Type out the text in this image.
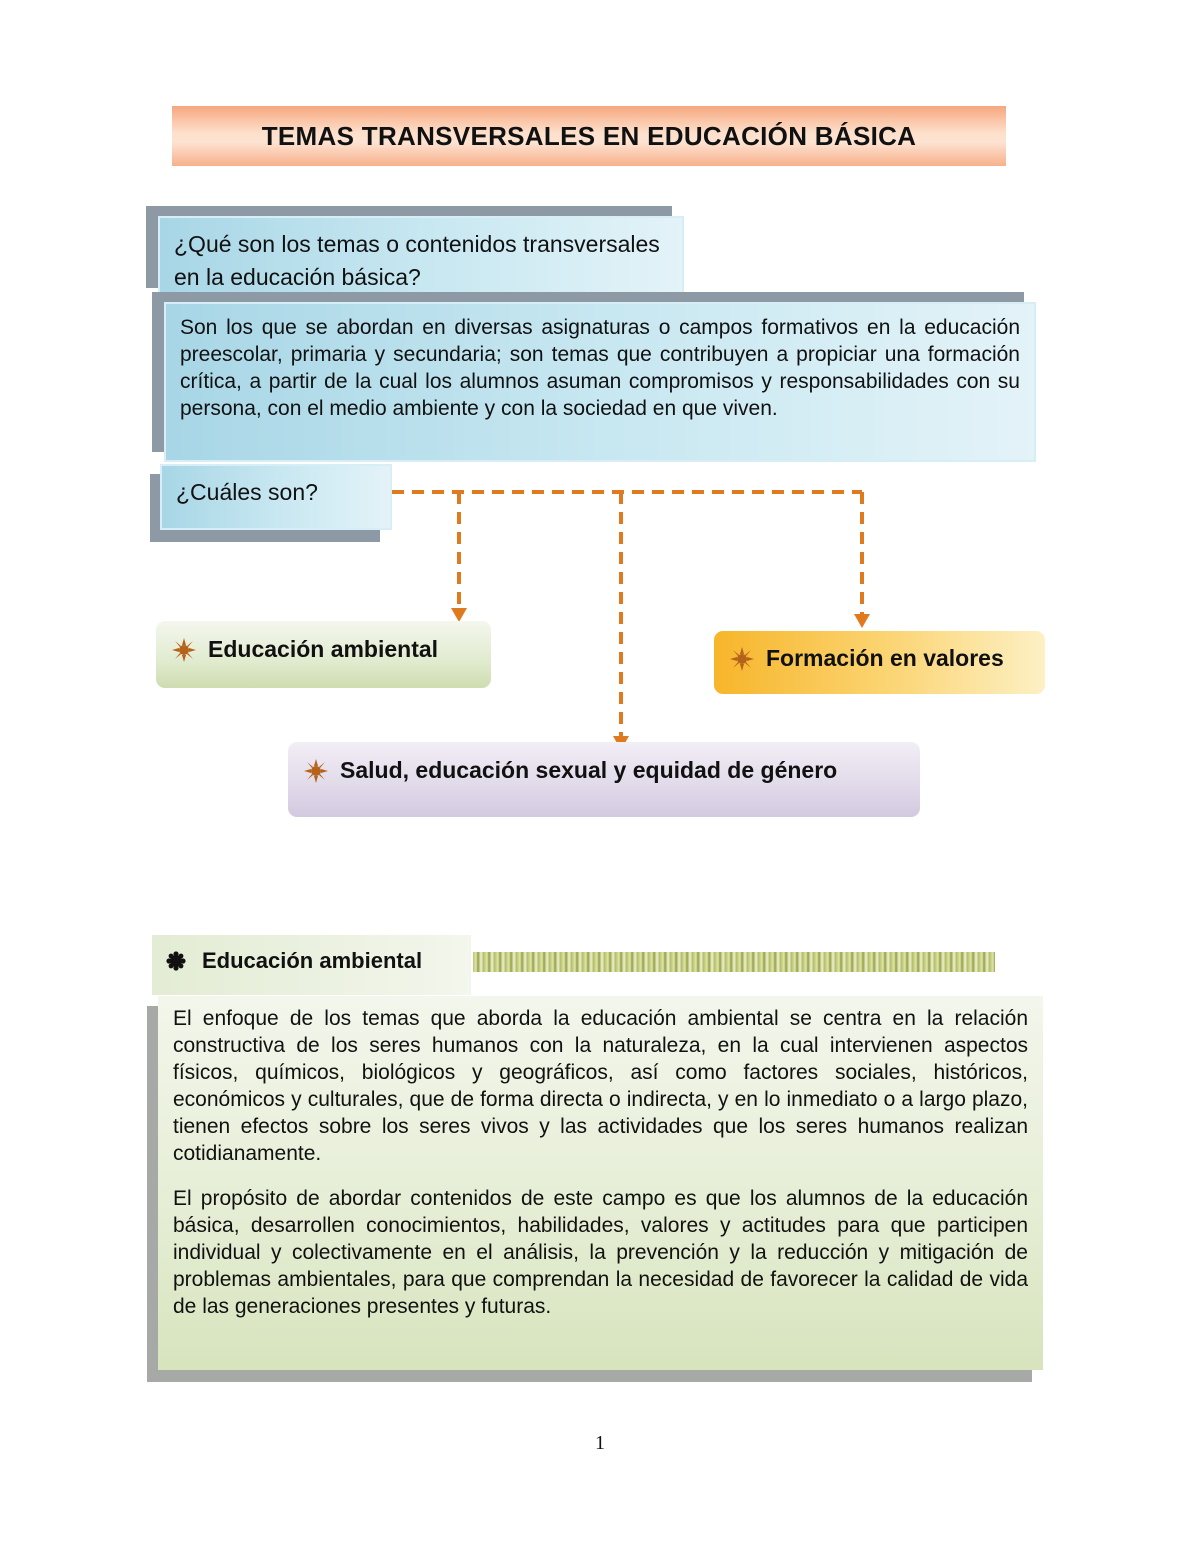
TEMAS TRANSVERSALES EN EDUCACIÓN BÁSICA
¿Qué son los temas o contenidos transversales
en la educación básica?

Son los que se abordan en diversas asignaturas o campos formativos en la educación preescolar, primaria y secundaria; son temas que contribuyen a propiciar una formación crítica, a partir de la cual los alumnos asuman compromisos y responsabilidades con su persona, con el medio ambiente y con la sociedad en que viven.

¿Cuáles son?
Educación ambiental	Formación en valores
Salud, educación sexual y equidad de género
Educación ambiental

El enfoque de los temas que aborda la educación ambiental se centra en la relación constructiva de los seres humanos con la naturaleza, en la cual intervienen aspectos físicos, químicos, biológicos y geográficos, así como factores sociales, históricos, económicos y culturales, que de forma directa o indirecta, y en lo inmediato o a largo plazo, tienen efectos sobre los seres vivos y las actividades que los seres humanos realizan cotidianamente.

El propósito de abordar contenidos de este campo es que los alumnos de la educación básica, desarrollen conocimientos, habilidades, valores y actitudes para que participen individual y colectivamente en el análisis, la prevención y la reducción y mitigación de problemas ambientales, para que comprendan la necesidad de favorecer la calidad de vida de las generaciones presentes y futuras.

1
